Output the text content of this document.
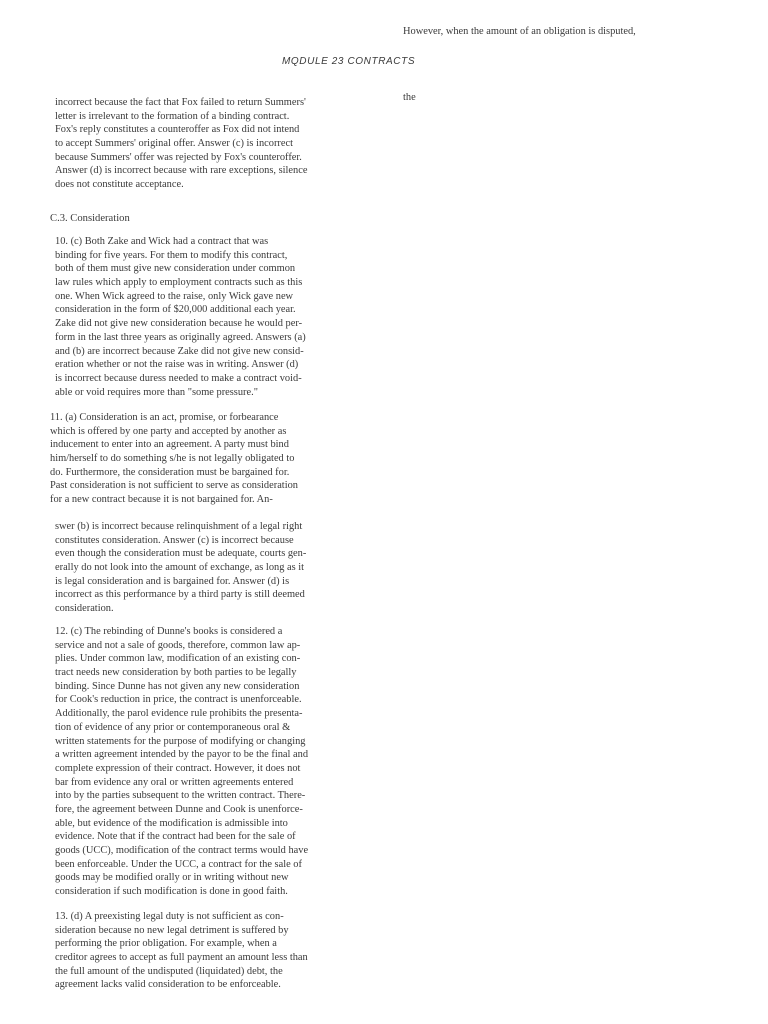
However, when the amount of an obligation is disputed,
MQDULE 23 CONTRACTS
the
incorrect because the fact that Fox failed to return Summers'
letter is irrelevant to the formation of a binding contract.
Fox's reply constitutes a counteroffer as Fox did not intend
to accept Summers' original offer. Answer (c) is incorrect
because Summers' offer was rejected by Fox's counteroffer.
Answer (d) is incorrect because with rare exceptions, silence
does not constitute acceptance.
C.3. Consideration
10. (c) Both Zake and Wick had a contract that was
binding for five years. For them to modify this contract,
both of them must give new consideration under common
law rules which apply to employment contracts such as this
one. When Wick agreed to the raise, only Wick gave new
consideration in the form of $20,000 additional each year.
Zake did not give new consideration because he would per-
form in the last three years as originally agreed. Answers (a)
and (b) are incorrect because Zake did not give new consid-
eration whether or not the raise was in writing. Answer (d)
is incorrect because duress needed to make a contract void-
able or void requires more than "some pressure."
11. (a) Consideration is an act, promise, or forbearance
which is offered by one party and accepted by another as
inducement to enter into an agreement. A party must bind
him/herself to do something s/he is not legally obligated to
do. Furthermore, the consideration must be bargained for.
Past consideration is not sufficient to serve as consideration
for a new contract because it is not bargained for. An-
swer (b) is incorrect because relinquishment of a legal right
constitutes consideration. Answer (c) is incorrect because
even though the consideration must be adequate, courts gen-
erally do not look into the amount of exchange, as long as it
is legal consideration and is bargained for. Answer (d) is
incorrect as this performance by a third party is still deemed
consideration.
12. (c) The rebinding of Dunne's books is considered a
service and not a sale of goods, therefore, common law ap-
plies. Under common law, modification of an existing con-
tract needs new consideration by both parties to be legally
binding. Since Dunne has not given any new consideration
for Cook's reduction in price, the contract is unenforceable.
Additionally, the parol evidence rule prohibits the presenta-
tion of evidence of any prior or contemporaneous oral &
written statements for the purpose of modifying or changing
a written agreement intended by the payor to be the final and
complete expression of their contract. However, it does not
bar from evidence any oral or written agreements entered
into by the parties subsequent to the written contract. There-
fore, the agreement between Dunne and Cook is unenforce-
able, but evidence of the modification is admissible into
evidence. Note that if the contract had been for the sale of
goods (UCC), modification of the contract terms would have
been enforceable. Under the UCC, a contract for the sale of
goods may be modified orally or in writing without new
consideration if such modification is done in good faith.
13. (d) A preexisting legal duty is not sufficient as con-
sideration because no new legal detriment is suffered by
performing the prior obligation. For example, when a
creditor agrees to accept as full payment an amount less than
the full amount of the undisputed (liquidated) debt, the
agreement lacks valid consideration to be enforceable.
